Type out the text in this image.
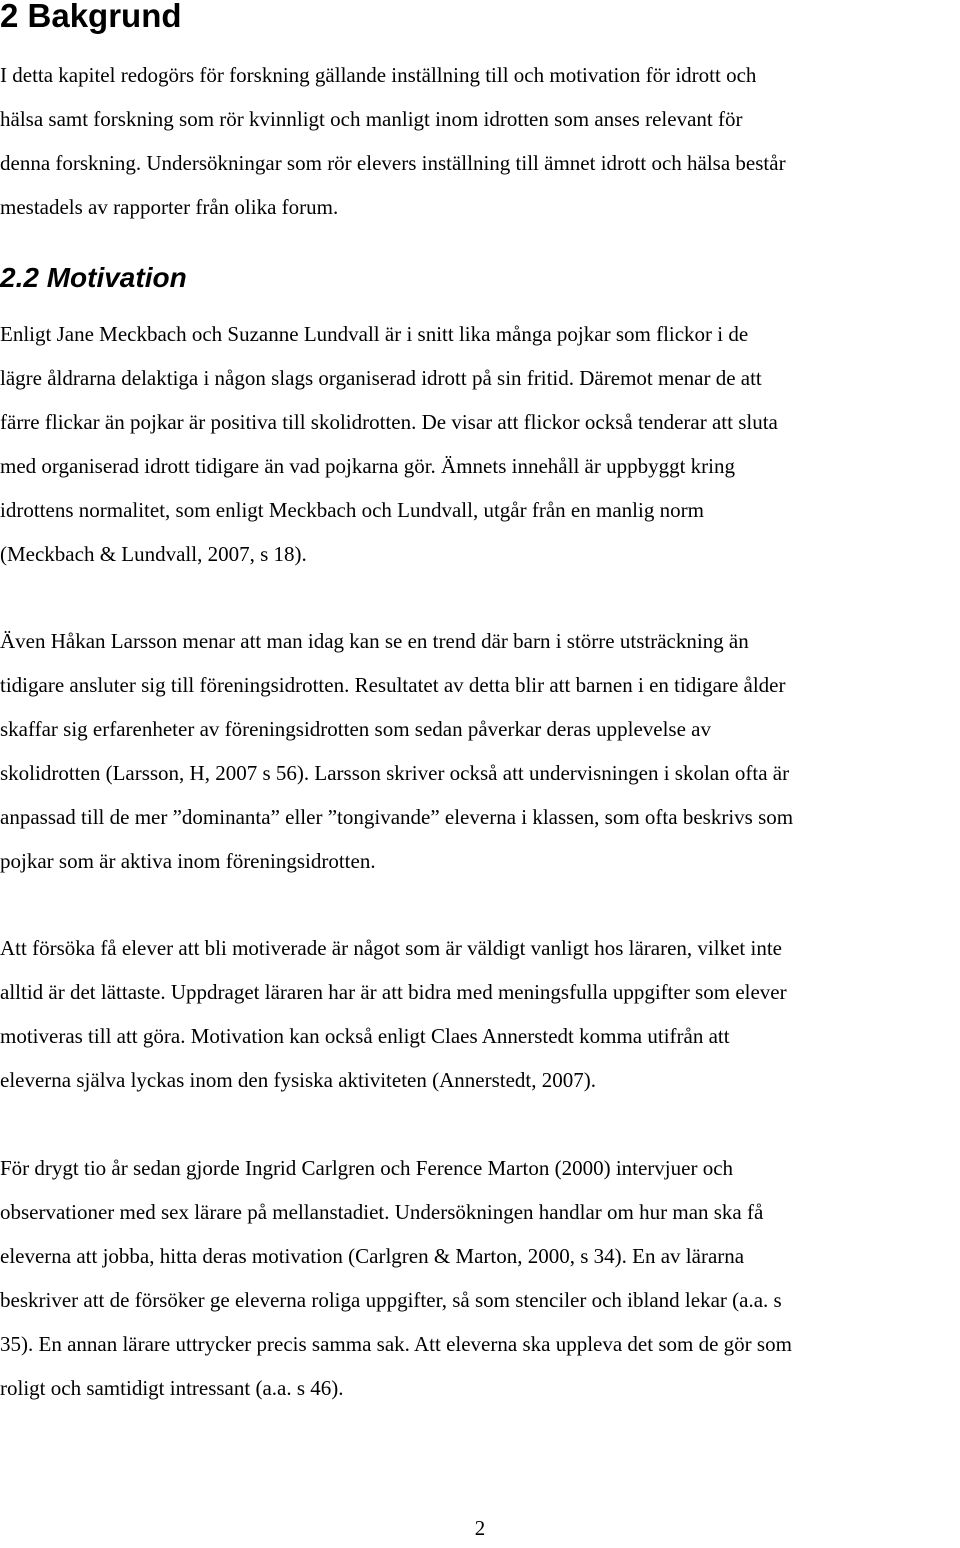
2 Bakgrund

I detta kapitel redogörs för forskning gällande inställning till och motivation för idrott och
hälsa samt forskning som rör kvinnligt och manligt inom idrotten som anses relevant för
denna forskning. Undersökningar som rör elevers inställning till ämnet idrott och hälsa består
mestadels av rapporter från olika forum.

2.2 Motivation

Enligt Jane Meckbach och Suzanne Lundvall är i snitt lika många pojkar som flickor i de
lägre åldrarna delaktiga i någon slags organiserad idrott på sin fritid. Däremot menar de att
färre flickar än pojkar är positiva till skolidrotten. De visar att flickor också tenderar att sluta
med organiserad idrott tidigare än vad pojkarna gör. Ämnets innehåll är uppbyggt kring
idrottens normalitet, som enligt Meckbach och Lundvall, utgår från en manlig norm
(Meckbach & Lundvall, 2007, s 18).

Även Håkan Larsson menar att man idag kan se en trend där barn i större utsträckning än
tidigare ansluter sig till föreningsidrotten. Resultatet av detta blir att barnen i en tidigare ålder
skaffar sig erfarenheter av föreningsidrotten som sedan påverkar deras upplevelse av
skolidrotten (Larsson, H, 2007 s 56). Larsson skriver också att undervisningen i skolan ofta är
anpassad till de mer ”dominanta” eller ”tongivande” eleverna i klassen, som ofta beskrivs som
pojkar som är aktiva inom föreningsidrotten.

Att försöka få elever att bli motiverade är något som är väldigt vanligt hos läraren, vilket inte
alltid är det lättaste. Uppdraget läraren har är att bidra med meningsfulla uppgifter som elever
motiveras till att göra. Motivation kan också enligt Claes Annerstedt komma utifrån att
eleverna själva lyckas inom den fysiska aktiviteten (Annerstedt, 2007).

För drygt tio år sedan gjorde Ingrid Carlgren och Ference Marton (2000) intervjuer och
observationer med sex lärare på mellanstadiet. Undersökningen handlar om hur man ska få
eleverna att jobba, hitta deras motivation (Carlgren & Marton, 2000, s 34). En av lärarna
beskriver att de försöker ge eleverna roliga uppgifter, så som stenciler och ibland lekar (a.a. s
35). En annan lärare uttrycker precis samma sak. Att eleverna ska uppleva det som de gör som
roligt och samtidigt intressant (a.a. s 46).

2
